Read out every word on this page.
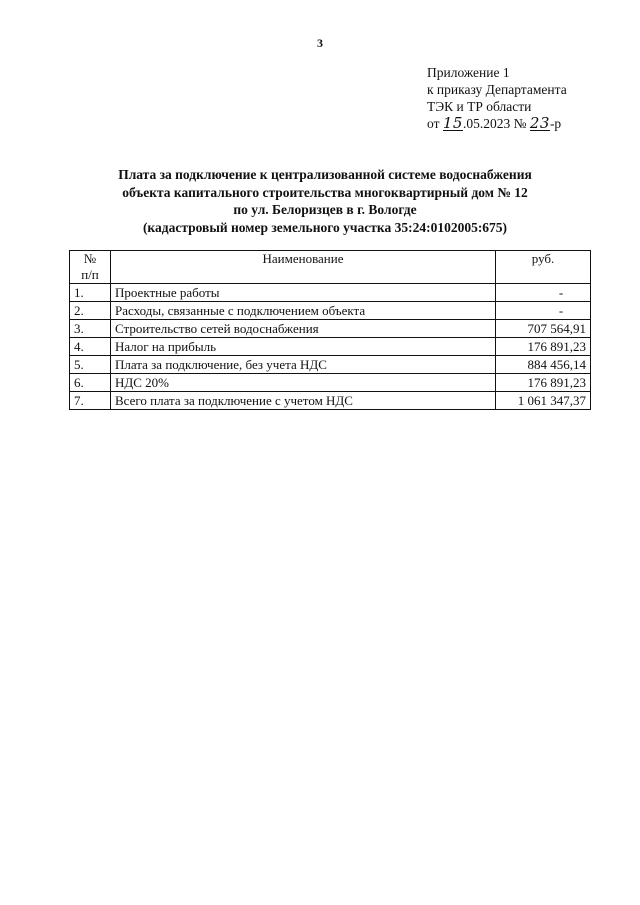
3
Приложение 1
к приказу Департамента
ТЭК и ТР области
от 15.05.2023 № 23-р
Плата за подключение к централизованной системе водоснабжения
объекта капитального строительства многоквартирный дом № 12
по ул. Белоризцев в г. Вологде
(кадастровый номер земельного участка 35:24:0102005:675)
№
п/п	Наименование	руб.
1.	Проектные работы	-
2.	Расходы, связанные с подключением объекта	-
3.	Строительство сетей водоснабжения	707 564,91
4.	Налог на прибыль	176 891,23
5.	Плата за подключение, без учета НДС	884 456,14
6.	НДС 20%	176 891,23
7.	Всего плата за подключение с учетом НДС	1 061 347,37
